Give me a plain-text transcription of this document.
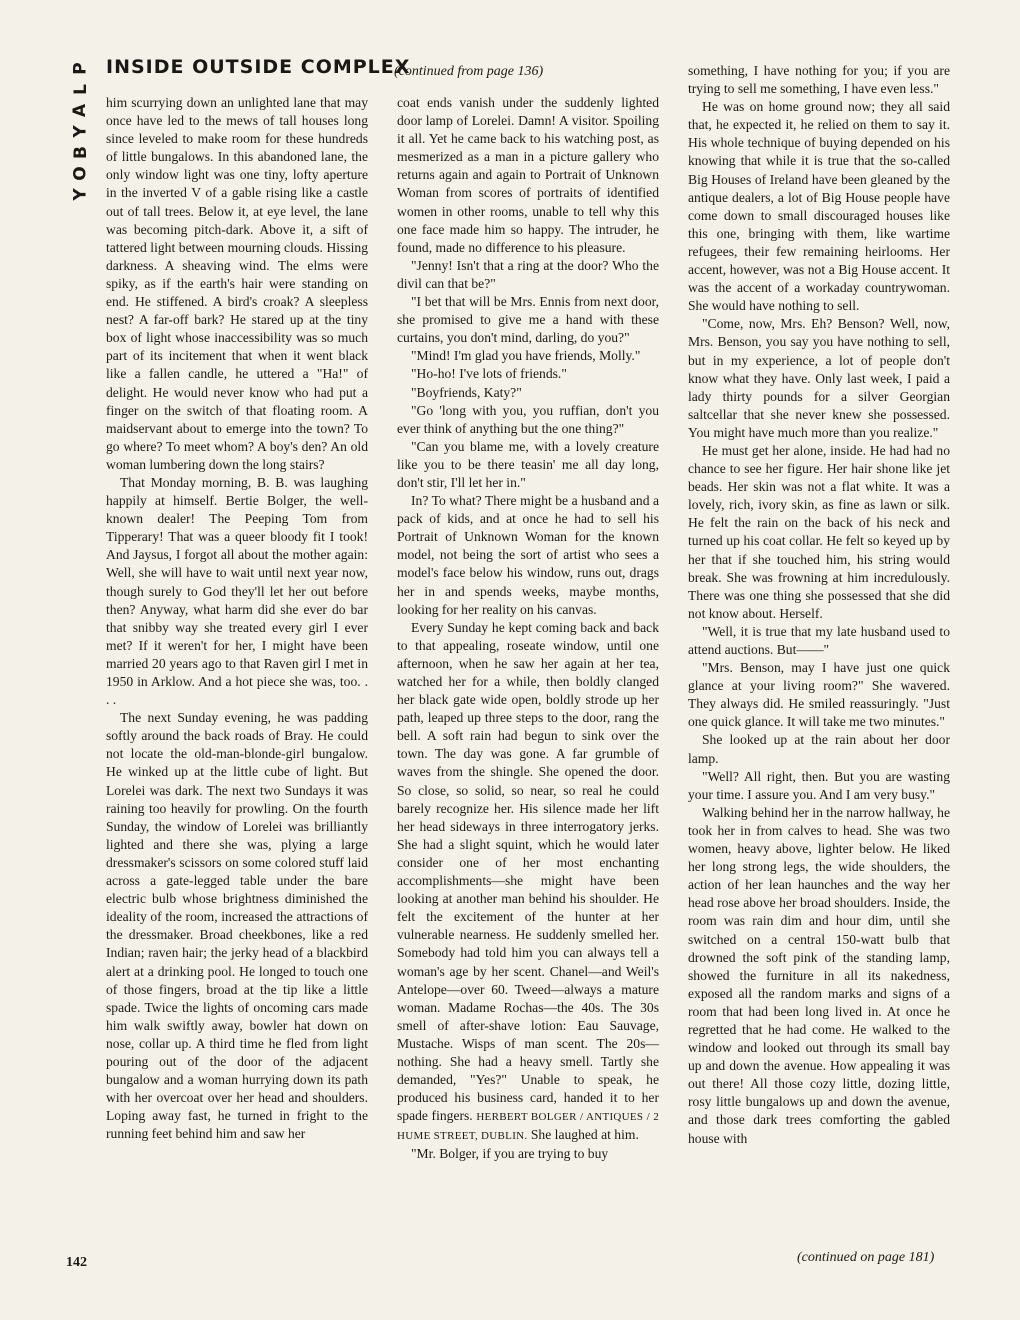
P
L
A
Y
B
O
Y
INSIDE OUTSIDE COMPLEX
(continued from page 136)

him scurrying down an unlighted lane that may once have led to the mews of tall houses long since leveled to make room for these hundreds of little bungalows. In this abandoned lane, the only window light was one tiny, lofty aperture in the inverted V of a gable rising like a castle out of tall trees. Below it, at eye level, the lane was becoming pitch-dark. Above it, a sift of tattered light between mourning clouds. Hissing darkness. A sheaving wind. The elms were spiky, as if the earth's hair were standing on end. He stiffened. A bird's croak? A sleepless nest? A far-off bark? He stared up at the tiny box of light whose inaccessibility was so much part of its incitement that when it went black like a fallen candle, he uttered a "Ha!" of delight. He would never know who had put a finger on the switch of that floating room. A maidservant about to emerge into the town? To go where? To meet whom? A boy's den? An old woman lumbering down the long stairs?

That Monday morning, B. B. was laughing happily at himself. Bertie Bolger, the well-known dealer! The Peeping Tom from Tipperary! That was a queer bloody fit I took! And Jaysus, I forgot all about the mother again: Well, she will have to wait until next year now, though surely to God they'll let her out before then? Anyway, what harm did she ever do bar that snibby way she treated every girl I ever met? If it weren't for her, I might have been married 20 years ago to that Raven girl I met in 1950 in Arklow. And a hot piece she was, too. . . .

The next Sunday evening, he was padding softly around the back roads of Bray. He could not locate the old-man-blonde-girl bungalow. He winked up at the little cube of light. But Lorelei was dark. The next two Sundays it was raining too heavily for prowling. On the fourth Sunday, the window of Lorelei was brilliantly lighted and there she was, plying a large dressmaker's scissors on some colored stuff laid across a gate-legged table under the bare electric bulb whose brightness diminished the ideality of the room, increased the attractions of the dressmaker. Broad cheekbones, like a red Indian; raven hair; the jerky head of a blackbird alert at a drinking pool. He longed to touch one of those fingers, broad at the tip like a little spade. Twice the lights of oncoming cars made him walk swiftly away, bowler hat down on nose, collar up. A third time he fled from light pouring out of the door of the adjacent bungalow and a woman hurrying down its path with her overcoat over her head and shoulders. Loping away fast, he turned in fright to the running feet behind him and saw her

coat ends vanish under the suddenly lighted door lamp of Lorelei. Damn! A visitor. Spoiling it all. Yet he came back to his watching post, as mesmerized as a man in a picture gallery who returns again and again to Portrait of Unknown Woman from scores of portraits of identified women in other rooms, unable to tell why this one face made him so happy. The intruder, he found, made no difference to his pleasure.

"Jenny! Isn't that a ring at the door? Who the divil can that be?"

"I bet that will be Mrs. Ennis from next door, she promised to give me a hand with these curtains, you don't mind, darling, do you?"

"Mind! I'm glad you have friends, Molly."

"Ho-ho! I've lots of friends."

"Boyfriends, Katy?"

"Go 'long with you, you ruffian, don't you ever think of anything but the one thing?"

"Can you blame me, with a lovely creature like you to be there teasin' me all day long, don't stir, I'll let her in."

In? To what? There might be a husband and a pack of kids, and at once he had to sell his Portrait of Unknown Woman for the known model, not being the sort of artist who sees a model's face below his window, runs out, drags her in and spends weeks, maybe months, looking for her reality on his canvas.

Every Sunday he kept coming back and back to that appealing, roseate window, until one afternoon, when he saw her again at her tea, watched her for a while, then boldly clanged her black gate wide open, boldly strode up her path, leaped up three steps to the door, rang the bell. A soft rain had begun to sink over the town. The day was gone. A far grumble of waves from the shingle. She opened the door. So close, so solid, so near, so real he could barely recognize her. His silence made her lift her head sideways in three interrogatory jerks. She had a slight squint, which he would later consider one of her most enchanting accomplishments—she might have been looking at another man behind his shoulder. He felt the excitement of the hunter at her vulnerable nearness. He suddenly smelled her. Somebody had told him you can always tell a woman's age by her scent. Chanel—and Weil's Antelope—over 60. Tweed—always a mature woman. Madame Rochas—the 40s. The 30s smell of after-shave lotion: Eau Sauvage, Mustache. Wisps of man scent. The 20s—nothing. She had a heavy smell. Tartly she demanded, "Yes?" Unable to speak, he produced his business card, handed it to her spade fingers. HERBERT BOLGER / ANTIQUES / 2 HUME STREET, DUBLIN. She laughed at him.

"Mr. Bolger, if you are trying to buy

something, I have nothing for you; if you are trying to sell me something, I have even less."

He was on home ground now; they all said that, he expected it, he relied on them to say it. His whole technique of buying depended on his knowing that while it is true that the so-called Big Houses of Ireland have been gleaned by the antique dealers, a lot of Big House people have come down to small discouraged houses like this one, bringing with them, like wartime refugees, their few remaining heirlooms. Her accent, however, was not a Big House accent. It was the accent of a workaday countrywoman. She would have nothing to sell.

"Come, now, Mrs. Eh? Benson? Well, now, Mrs. Benson, you say you have nothing to sell, but in my experience, a lot of people don't know what they have. Only last week, I paid a lady thirty pounds for a silver Georgian saltcellar that she never knew she possessed. You might have much more than you realize."

He must get her alone, inside. He had had no chance to see her figure. Her hair shone like jet beads. Her skin was not a flat white. It was a lovely, rich, ivory skin, as fine as lawn or silk. He felt the rain on the back of his neck and turned up his coat collar. He felt so keyed up by her that if she touched him, his string would break. She was frowning at him incredulously. There was one thing she possessed that she did not know about. Herself.

"Well, it is true that my late husband used to attend auctions. But——"

"Mrs. Benson, may I have just one quick glance at your living room?" She wavered. They always did. He smiled reassuringly. "Just one quick glance. It will take me two minutes."

She looked up at the rain about her door lamp.

"Well? All right, then. But you are wasting your time. I assure you. And I am very busy."

Walking behind her in the narrow hallway, he took her in from calves to head. She was two women, heavy above, lighter below. He liked her long strong legs, the wide shoulders, the action of her lean haunches and the way her head rose above her broad shoulders. Inside, the room was rain dim and hour dim, until she switched on a central 150-watt bulb that drowned the soft pink of the standing lamp, showed the furniture in all its nakedness, exposed all the random marks and signs of a room that had been long lived in. At once he regretted that he had come. He walked to the window and looked out through its small bay up and down the avenue. How appealing it was out there! All those cozy little, dozing little, rosy little bungalows up and down the avenue, and those dark trees comforting the gabled house with

142	(continued on page 181)
